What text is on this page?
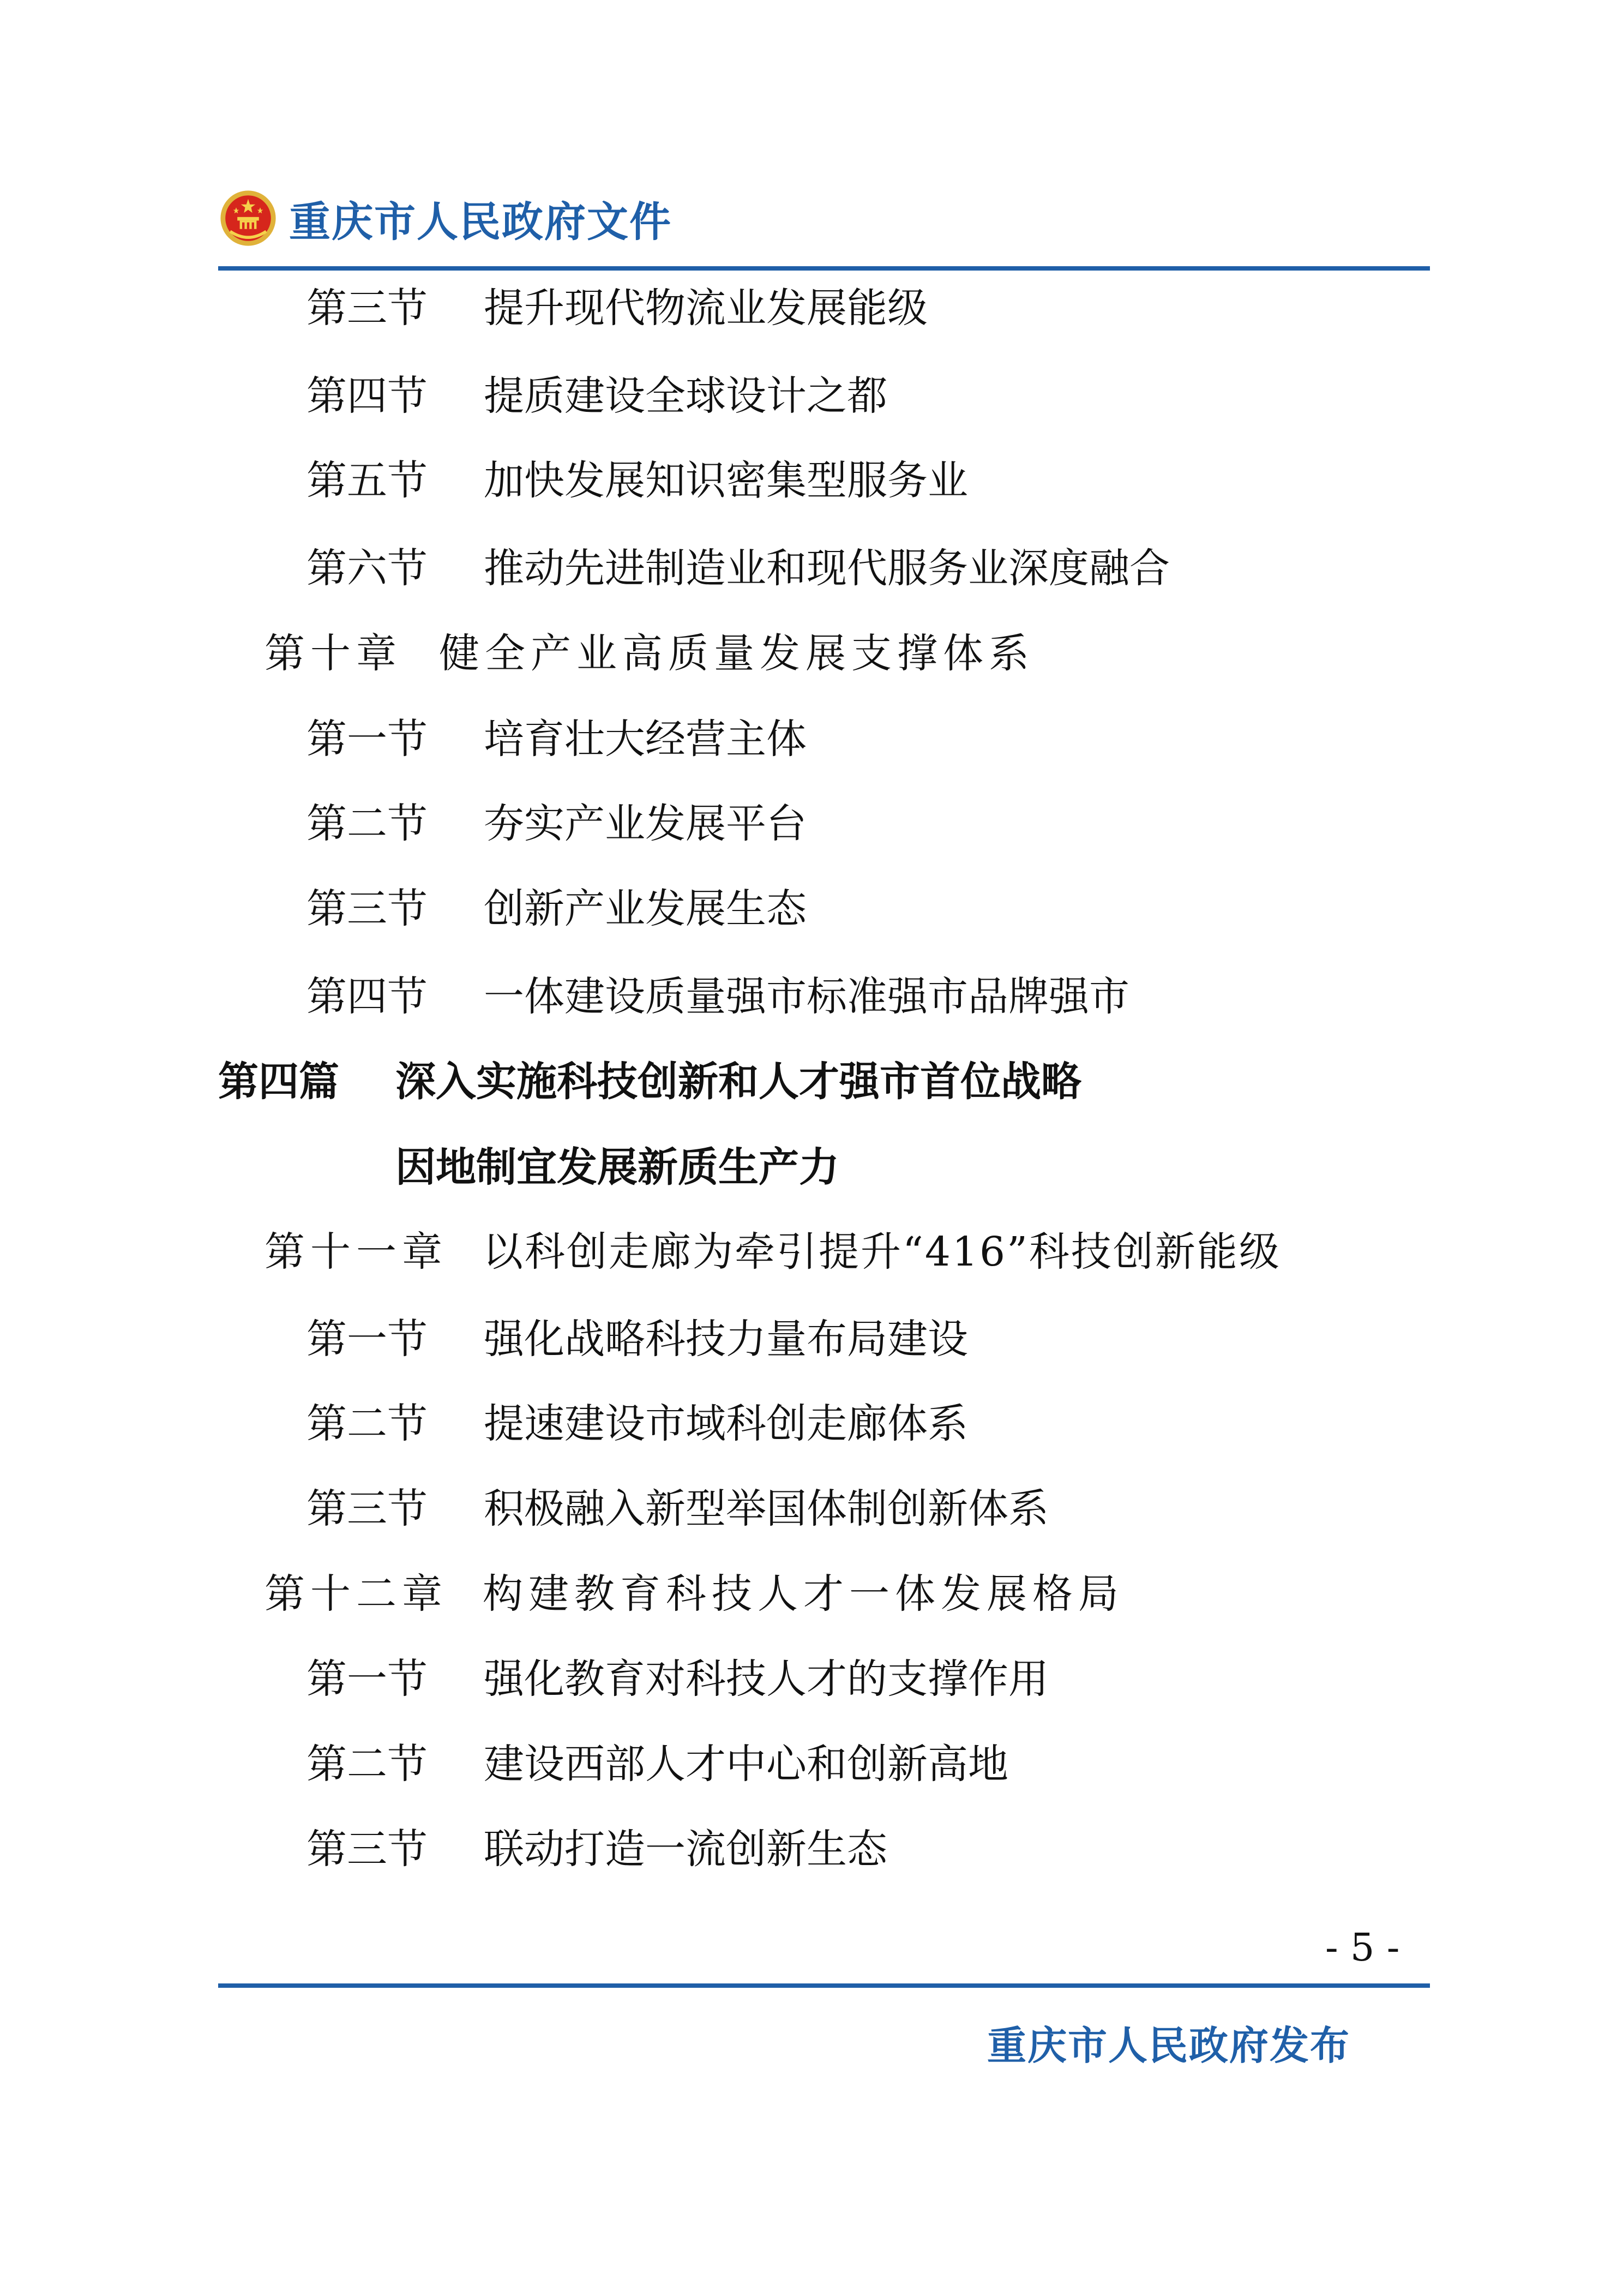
重庆市人民政府文件
第三节	提升现代物流业发展能级
第四节	提质建设全球设计之都
第五节	加快发展知识密集型服务业
第六节	推动先进制造业和现代服务业深度融合
第十章 健全产业高质量发展支撑体系
第一节	培育壮大经营主体
第二节	夯实产业发展平台
第三节	创新产业发展生态
第四节	一体建设质量强市标准强市品牌强市
第四篇	深入实施科技创新和人才强市首位战略
因地制宜发展新质生产力
第十一章 以科创走廊为牵引提升“416”科技创新能级
第一节	强化战略科技力量布局建设
第二节	提速建设市域科创走廊体系
第三节	积极融入新型举国体制创新体系
第十二章 构建教育科技人才一体发展格局
第一节	强化教育对科技人才的支撑作用
第二节	建设西部人才中心和创新高地
第三节	联动打造一流创新生态
- 5 -
重庆市人民政府发布
